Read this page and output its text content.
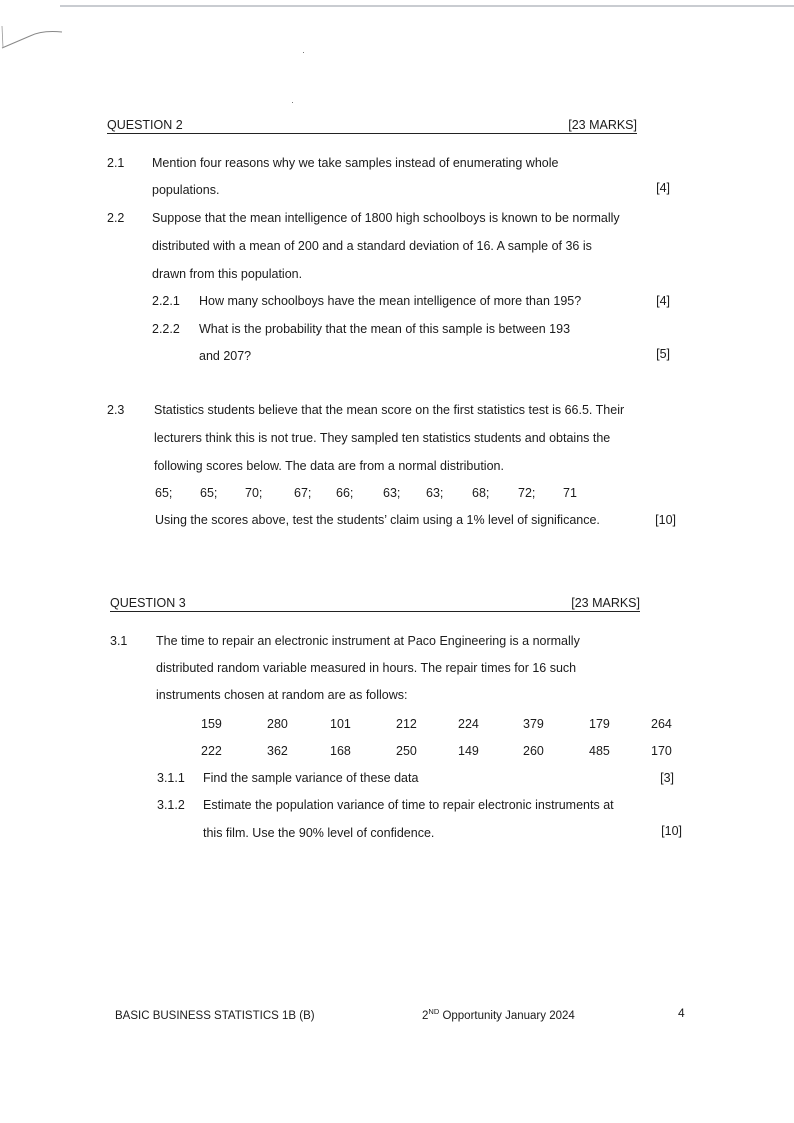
QUESTION 2	[23 MARKS]
2.1 Mention four reasons why we take samples instead of enumerating whole
populations.	[4]
2.2 Suppose that the mean intelligence of 1800 high schoolboys is known to be normally
distributed with a mean of 200 and a standard deviation of 16. A sample of 36 is
drawn from this population.
2.2.1 How many schoolboys have the mean intelligence of more than 195?	[4]
2.2.2 What is the probability that the mean of this sample is between 193
and 207?	[5]
2.3 Statistics students believe that the mean score on the first statistics test is 66.5. Their
lecturers think this is not true. They sampled ten statistics students and obtains the
following scores below. The data are from a normal distribution.
65; 65; 70;	67; 66; 63; 63; 68; 72; 71
Using the scores above, test the students’ claim using a 1% level of significance.	[10]
QUESTION 3	[23 MARKS]
3.1 The time to repair an electronic instrument at Paco Engineering is a normally
distributed random variable measured in hours. The repair times for 16 such
instruments chosen at random are as follows:
159	280	101	212	224	379	179	264
222	362	168	250	149	260	485	170
3.1.1 Find the sample variance of these data	[3]
3.1.2 Estimate the population variance of time to repair electronic instruments at
this film. Use the 90% level of confidence.	[10]
BASIC BUSINESS STATISTICS 1B (B)	2ND Opportunity January 2024	4
